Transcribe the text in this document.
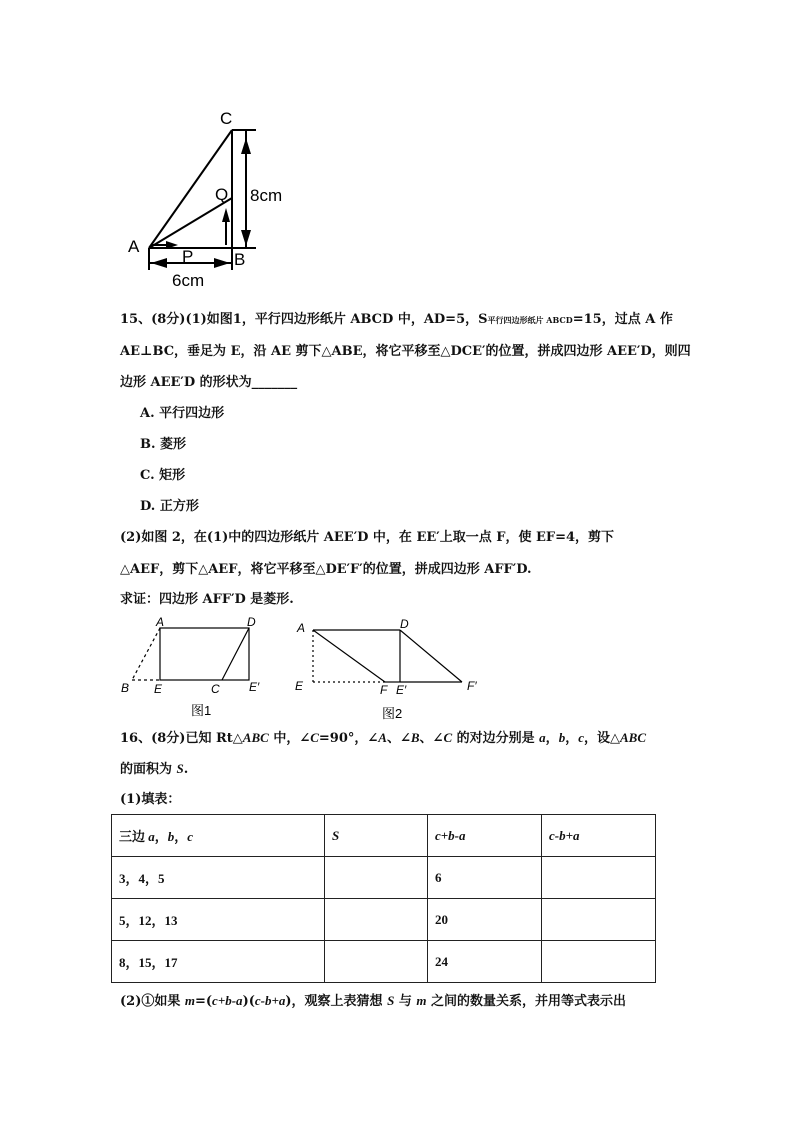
C
Q
A
P B
8cm
6cm
15、(8分)(1)如图1，平行四边形纸片 ABCD 中，AD=5，S平行四边形纸片 ABCD=15，过点 A 作
AE⊥BC，垂足为 E，沿 AE 剪下△ABE，将它平移至△DCE′的位置，拼成四边形 AEE′D，则四
边形 AEE′D 的形状为_______
A. 平行四边形
B. 菱形
C. 矩形
D. 正方形
(2)如图 2，在(1)中的四边形纸片 AEE′D 中，在 EE′上取一点 F，使 EF=4，剪下
△AEF，剪下△AEF，将它平移至△DE′F′的位置，拼成四边形 AFF′D.
求证：四边形 AFF′D 是菱形.
A	D
B E	C E′
图1
A	D
E	F E′	F′
图2
16、(8分)已知 Rt△ABC 中，∠C=90°，∠A、∠B、∠C 的对边分别是 a，b，c，设△ABC
的面积为 S.
(1)填表：
三边 a，b，c	S	c+b-a	c-b+a
3，4，5		6	
5，12，13		20	
8，15，17		24	
(2)①如果 m=(c+b-a)(c-b+a)，观察上表猜想 S 与 m 之间的数量关系，并用等式表示出
